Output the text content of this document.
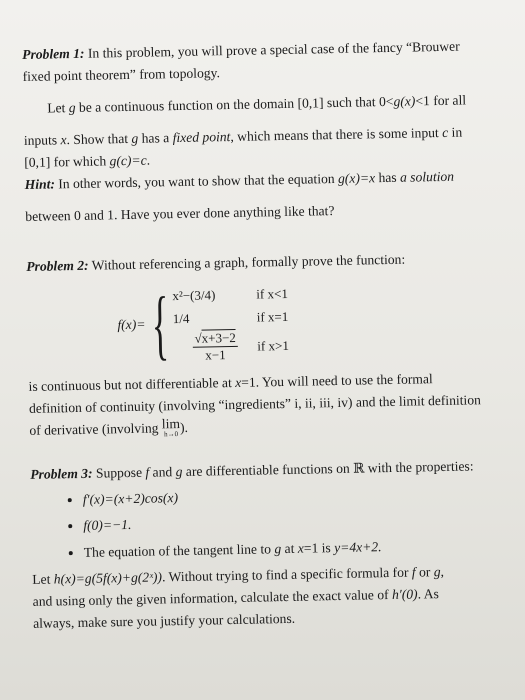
Problem 1: In this problem, you will prove a special case of the fancy “Brouwer

fixed point theorem” from topology.

Let g be a continuous function on the domain [0,1] such that 0<g(x)<1 for all

inputs x. Show that g has a fixed point, which means that there is some input c in

[0,1] for which g(c)=c.

Hint: In other words, you want to show that the equation g(x)=x has a solution

between 0 and 1. Have you ever done anything like that?

Problem 2: Without referencing a graph, formally prove the function:

f(x)= { x²−(3/4)	if x<1
1/4	if x=1
$\frac{√x+3-2}{x-1}$ if x>1

is continuous but not differentiable at x=1. You will need to use the formal

definition of continuity (involving “ingredients” i, ii, iii, iv) and the limit definition

of derivative (involving lim
h→0 ).

Problem 3: Suppose f and g are differentiable functions on ℝ with the properties:

• f′(x)=(x+2)cos(x)
• f(0)=−1.
• The equation of the tangent line to g at x=1 is y=4x+2.

Let h(x)=g(5f(x)+g(2ˣ)). Without trying to find a specific formula for f or g,

and using only the given information, calculate the exact value of h′(0). As

always, make sure you justify your calculations.
